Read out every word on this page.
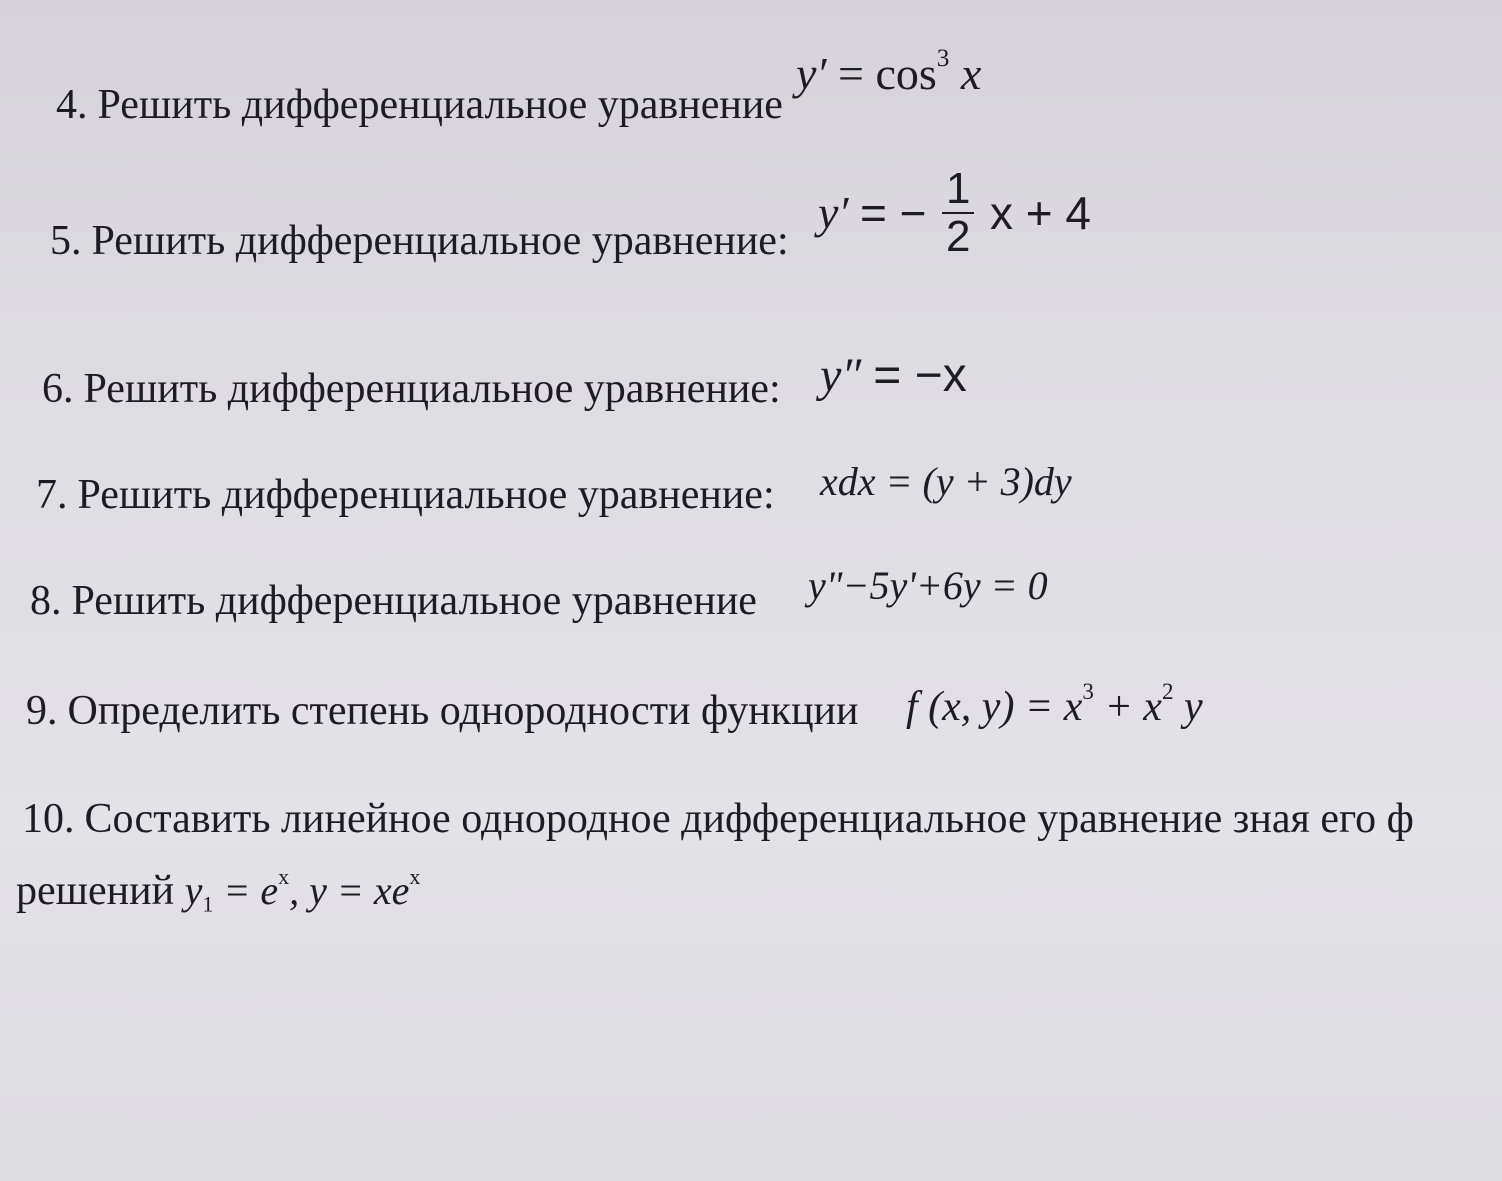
4. Решить дифференциальное уравнение
$y' = \cos^3 x$
5. Решить дифференциальное уравнение:
y′ = − $\frac{1}{2}$ x + 4
6. Решить дифференциальное уравнение: y″ = −x
7. Решить дифференциальное уравнение: xdx = (y + 3)dy
8. Решить дифференциальное уравнение y"−5y'+6y = 0
9. Определить степень однородности функции f (x, $y) = x^3 + x^2$ y
10. Составить линейное однородное дифференциальное уравнение зная его ф
решений $y_1 = e^x$, $y = xe^x$
